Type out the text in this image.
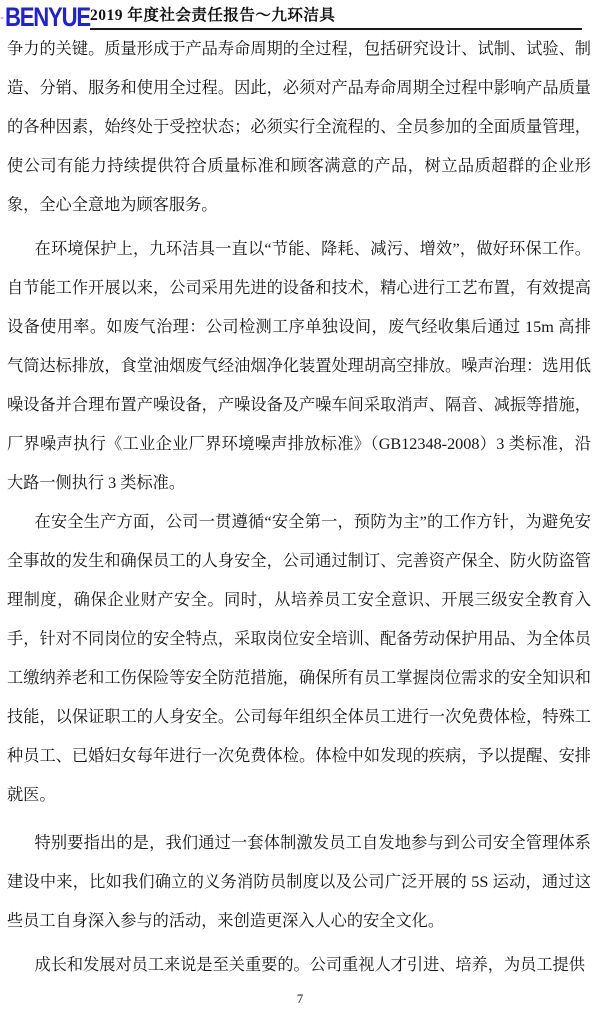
- BENYUE 2019 年度社会责任报告～九环洁具

争力的关键。质量形成于产品寿命周期的全过程，包括研究设计、试制、试验、制造、分销、服务和使用全过程。因此，必须对产品寿命周期全过程中影响产品质量的各种因素，始终处于受控状态；必须实行全流程的、全员参加的全面质量管理，使公司有能力持续提供符合质量标准和顾客满意的产品，树立品质超群的企业形象，全心全意地为顾客服务。

在环境保护上，九环洁具一直以“节能、降耗、减污、增效”，做好环保工作。自节能工作开展以来，公司采用先进的设备和技术，精心进行工艺布置，有效提高设备使用率。如废气治理：公司检测工序单独设间，废气经收集后通过 15m 高排气筒达标排放，食堂油烟废气经油烟净化装置处理胡高空排放。噪声治理：选用低噪设备并合理布置产噪设备，产噪设备及产噪车间采取消声、隔音、减振等措施，厂界噪声执行《工业企业厂界环境噪声排放标准》（GB12348-2008）3 类标准，沿大路一侧执行 3 类标准。

在安全生产方面，公司一贯遵循“安全第一，预防为主”的工作方针，为避免安全事故的发生和确保员工的人身安全，公司通过制订、完善资产保全、防火防盗管理制度，确保企业财产安全。同时，从培养员工安全意识、开展三级安全教育入手，针对不同岗位的安全特点，采取岗位安全培训、配备劳动保护用品、为全体员工缴纳养老和工伤保险等安全防范措施，确保所有员工掌握岗位需求的安全知识和技能，以保证职工的人身安全。公司每年组织全体员工进行一次免费体检，特殊工种员工、已婚妇女每年进行一次免费体检。体检中如发现的疾病，予以提醒、安排就医。

特别要指出的是，我们通过一套体制激发员工自发地参与到公司安全管理体系建设中来，比如我们确立的义务消防员制度以及公司广泛开展的 5S 运动，通过这些员工自身深入参与的活动，来创造更深入人心的安全文化。

成长和发展对员工来说是至关重要的。公司重视人才引进、培养，为员工提供

7
